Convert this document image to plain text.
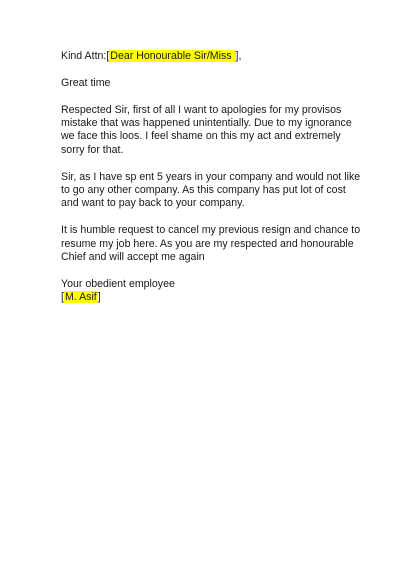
Kind Attn:[Dear Honourable Sir/Miss ],
Great time
Respected Sir, first of all I want to apologies for my provisos
mistake that was happened unintentially. Due to my ignorance
we face this loos. I feel shame on this my act and extremely
sorry for that.
Sir, as I have sp ent 5 years in your company and would not like
to go any other company. As this company has put lot of cost
and want to pay back to your company.
It is humble request to cancel my previous resign and chance to
resume my job here. As you are my respected and honourable
Chief and will accept me again
Your obedient employee
[M. Asif]
